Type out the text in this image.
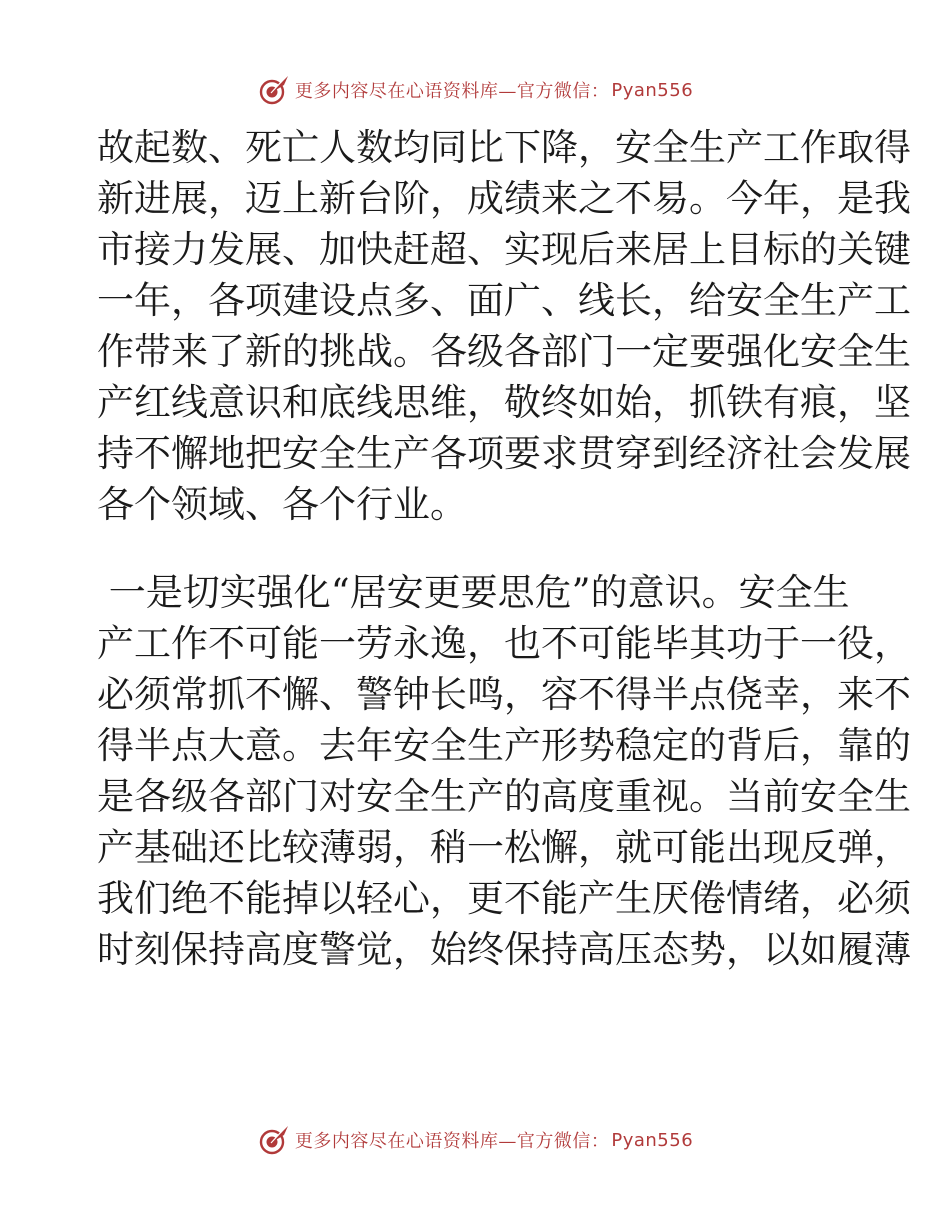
更多内容尽在心语资料库—官方微信： Pyan556

故起数、死亡人数均同比下降，安全生产工作取得
新进展，迈上新台阶，成绩来之不易。今年，是我
市接力发展、加快赶超、实现后来居上目标的关键
一年，各项建设点多、面广、线长，给安全生产工
作带来了新的挑战。各级各部门一定要强化安全生
产红线意识和底线思维，敬终如始，抓铁有痕，坚
持不懈地把安全生产各项要求贯穿到经济社会发展
各个领域、各个行业。

一是切实强化“居安更要思危”的意识。安全生
产工作不可能一劳永逸，也不可能毕其功于一役，
必须常抓不懈、警钟长鸣，容不得半点侥幸，来不
得半点大意。去年安全生产形势稳定的背后，靠的
是各级各部门对安全生产的高度重视。当前安全生
产基础还比较薄弱，稍一松懈，就可能出现反弹，
我们绝不能掉以轻心，更不能产生厌倦情绪，必须
时刻保持高度警觉，始终保持高压态势，以如履薄

更多内容尽在心语资料库—官方微信： Pyan556
